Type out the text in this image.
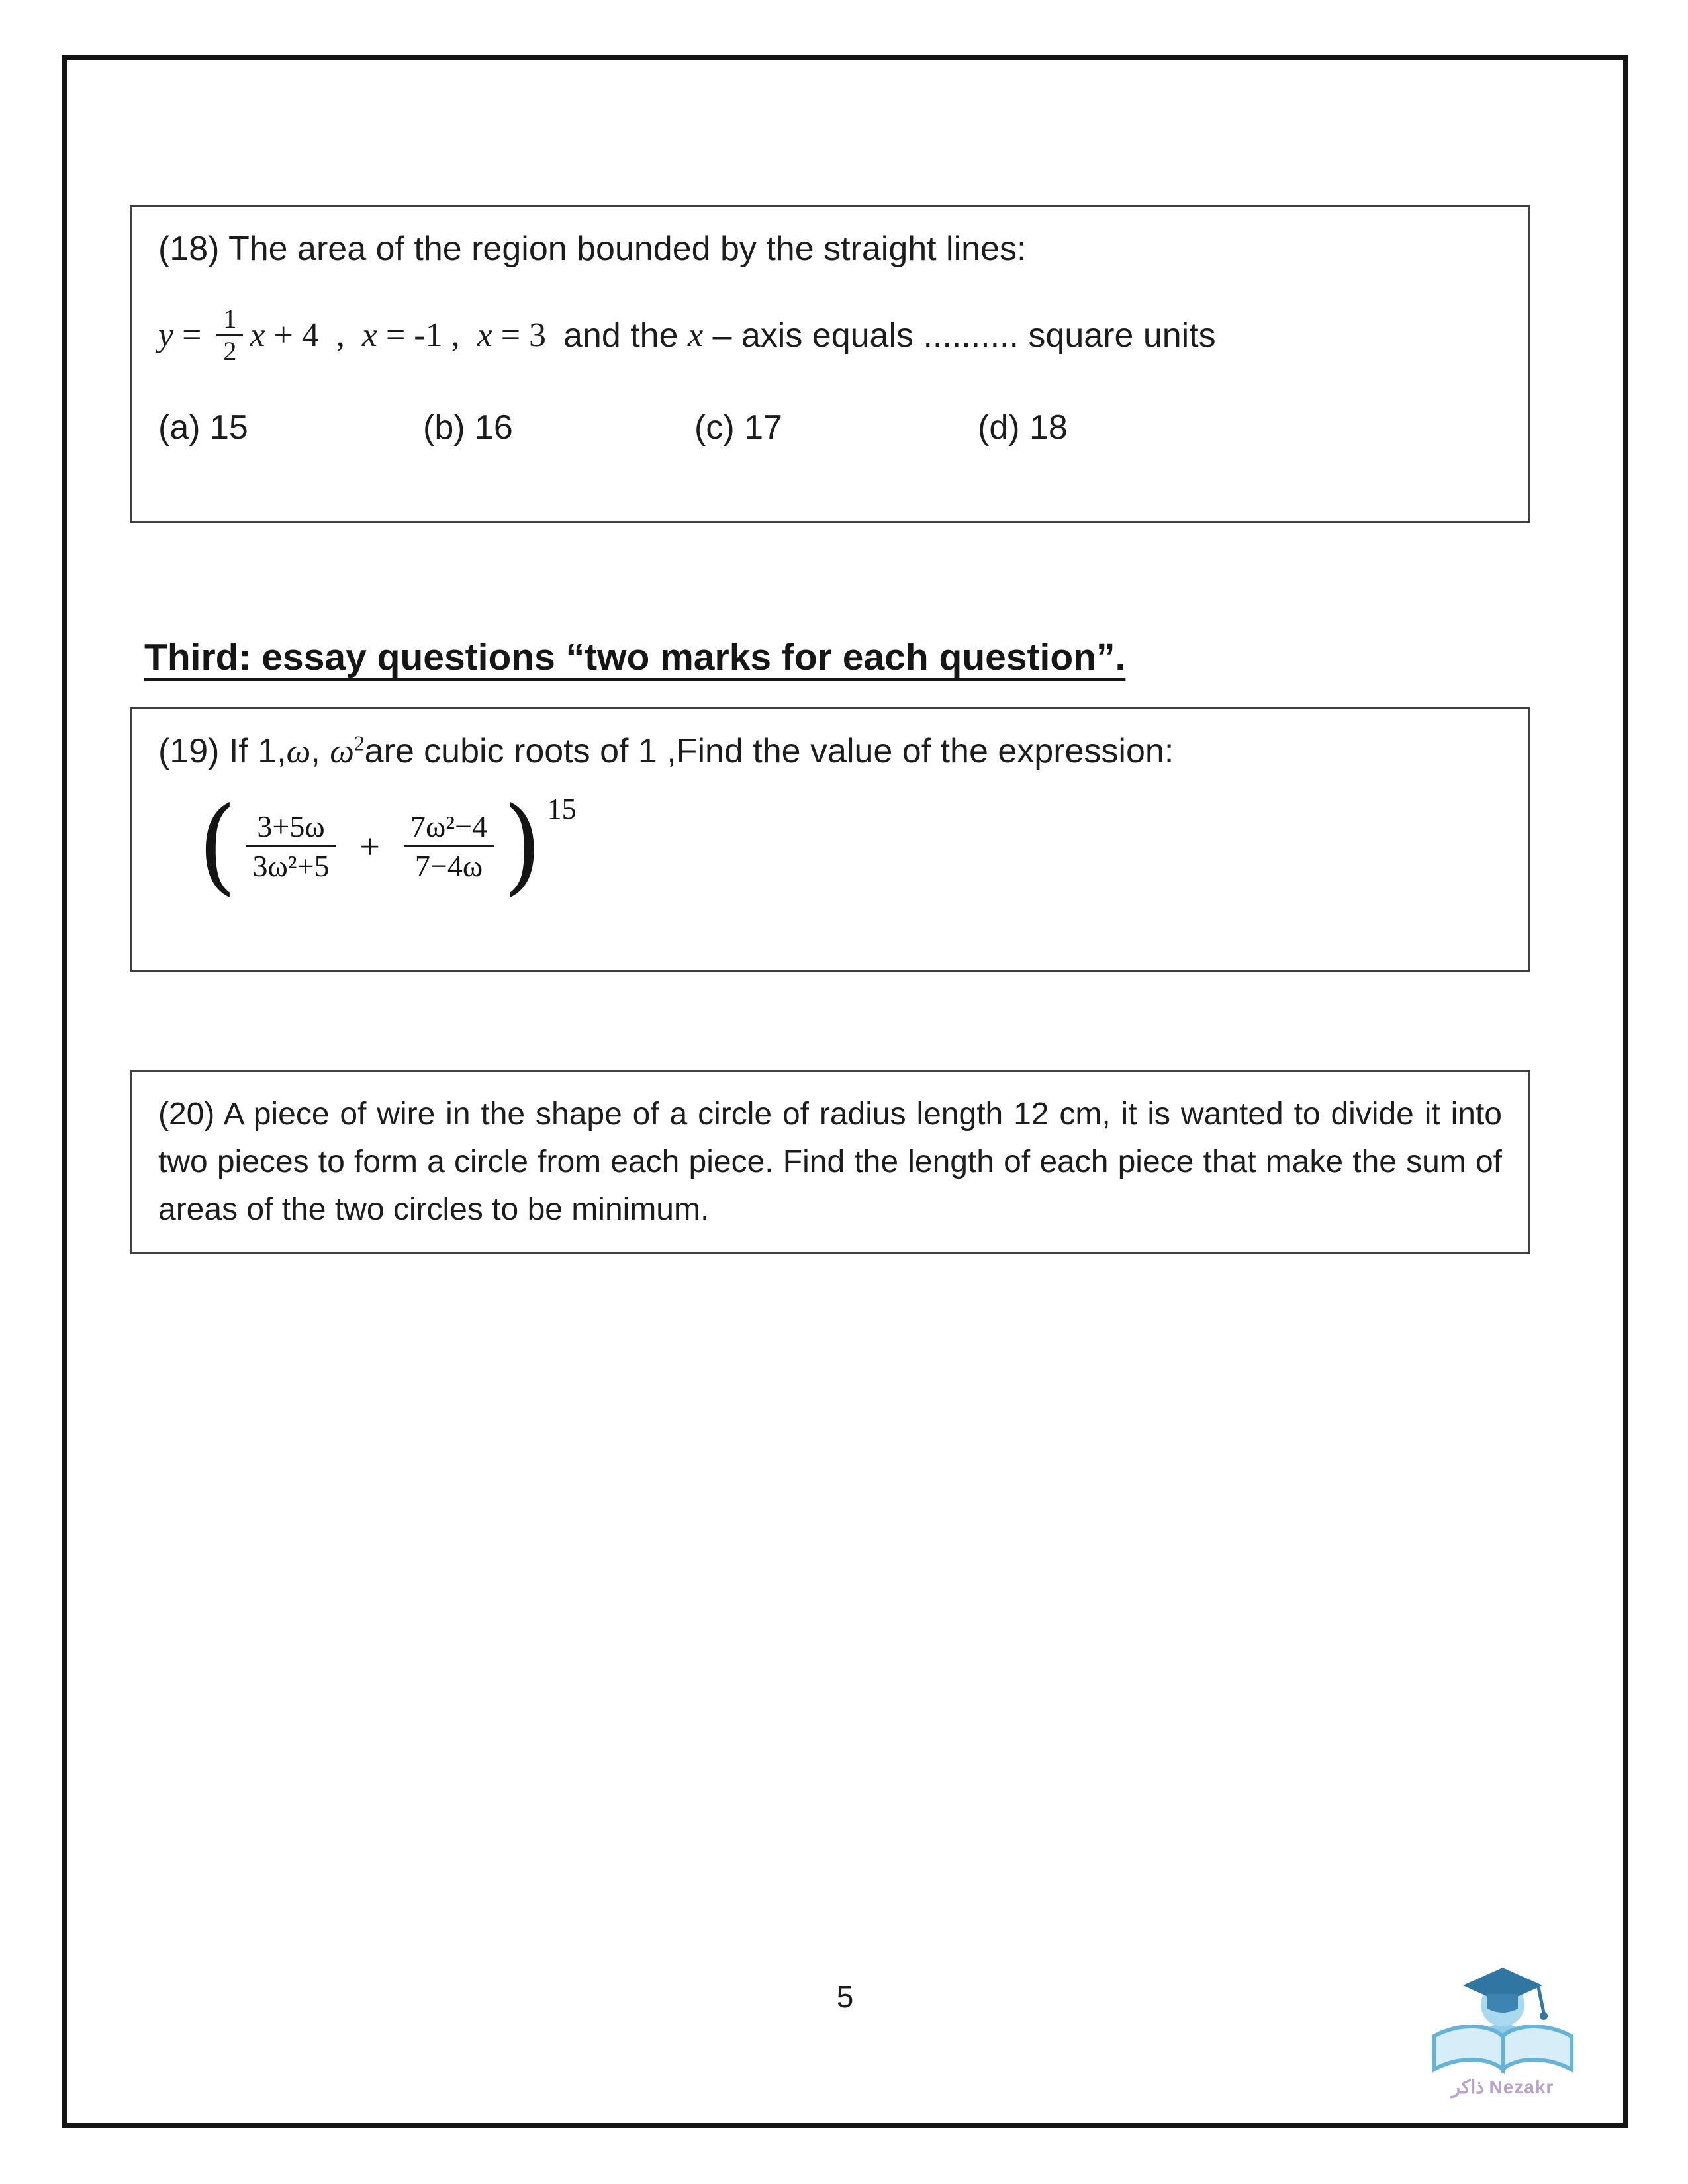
(18) The area of the region bounded by the straight lines:

$y = \frac{1}{2}$ x + 4  , x = -1 , x = 3 and the x – axis equals .......... square units
(a) 15	(b) 16	(c) 17	(d) 18
Third: essay questions “two marks for each question”.

(19) If 1,ω, $\omega^2are$ cubic roots of 1 ,Find the value of the expression:

( $\frac{3+5\omega}{\text{3ω²+5}} + \frac{\text{7ω²−4}}{7-4\omega}$ ) 15

(20) A piece of wire in the shape of a circle of radius length 12 cm, it is wanted to divide it into two pieces to form a circle from each piece. Find the length of each piece that make the sum of areas of the two circles to be minimum.

5
ذاكر Nezakr
